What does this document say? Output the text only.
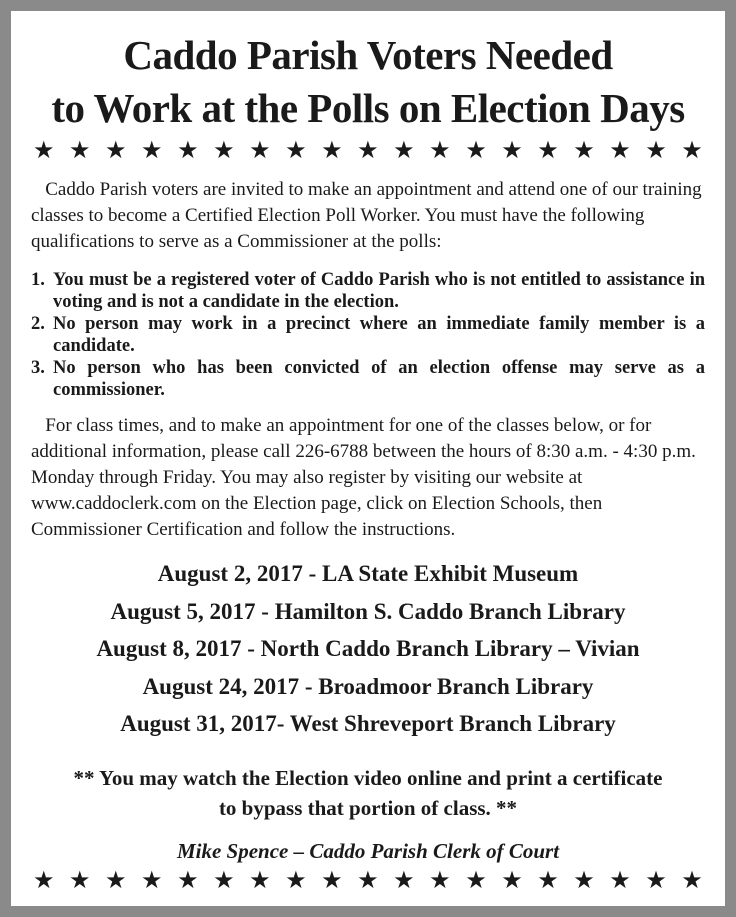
Caddo Parish Voters Needed
to Work at the Polls on Election Days
★ ★ ★ ★ ★ ★ ★ ★ ★ ★ ★ ★ ★ ★ ★ ★ ★ ★ ★

Caddo Parish voters are invited to make an appointment and attend one of our training classes to become a Certified Election Poll Worker. You must have the following qualifications to serve as a Commissioner at the polls:

1. You must be a registered voter of Caddo Parish who is not entitled to assistance in voting and is not a candidate in the election.
2. No person may work in a precinct where an immediate family member is a candidate.
3. No person who has been convicted of an election offense may serve as a commissioner.

For class times, and to make an appointment for one of the classes below, or for additional information, please call 226-6788 between the hours of 8:30 a.m. - 4:30 p.m. Monday through Friday. You may also register by visiting our website at www.caddoclerk.com on the Election page, click on Election Schools, then Commissioner Certification and follow the instructions.

August 2, 2017 - LA State Exhibit Museum
August 5, 2017 - Hamilton S. Caddo Branch Library
August 8, 2017 - North Caddo Branch Library – Vivian
August 24, 2017 - Broadmoor Branch Library
August 31, 2017- West Shreveport Branch Library

** You may watch the Election video online and print a certificate
to bypass that portion of class. **

Mike Spence – Caddo Parish Clerk of Court

★ ★ ★ ★ ★ ★ ★ ★ ★ ★ ★ ★ ★ ★ ★ ★ ★ ★ ★
